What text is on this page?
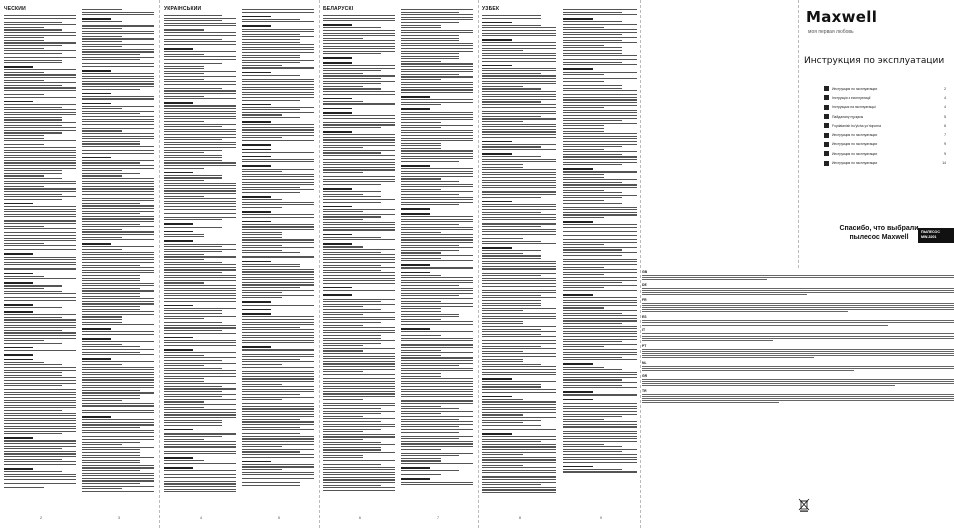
ЧЕСКИЙ
2	3
УКРАЇНСЬКИЙ
4	5
БЕЛАРУСКІ
6	7
ЎЗБЕК
8	9
Maxwell
моя первая любовь
Инструкция по эксплуатации
Инструкция по эксплуатации	2
Інструкція з експлуатації	4
Інструкцыя па эксплуатацыі	4
Пайдалану нұсқасы	5
Foydalanish bo'yicha yo'riqnoma	6
Инструкция по эксплуатации	7
Инструкция по эксплуатации	9
Инструкция по эксплуатации	9
Инструкция по эксплуатации	14
Спасибо, что выбрали
пылесос Maxwell
ПЫЛЕСОС
MW-3201
GB
DE
FR
ES
IT
PT
NL
GR
TR
